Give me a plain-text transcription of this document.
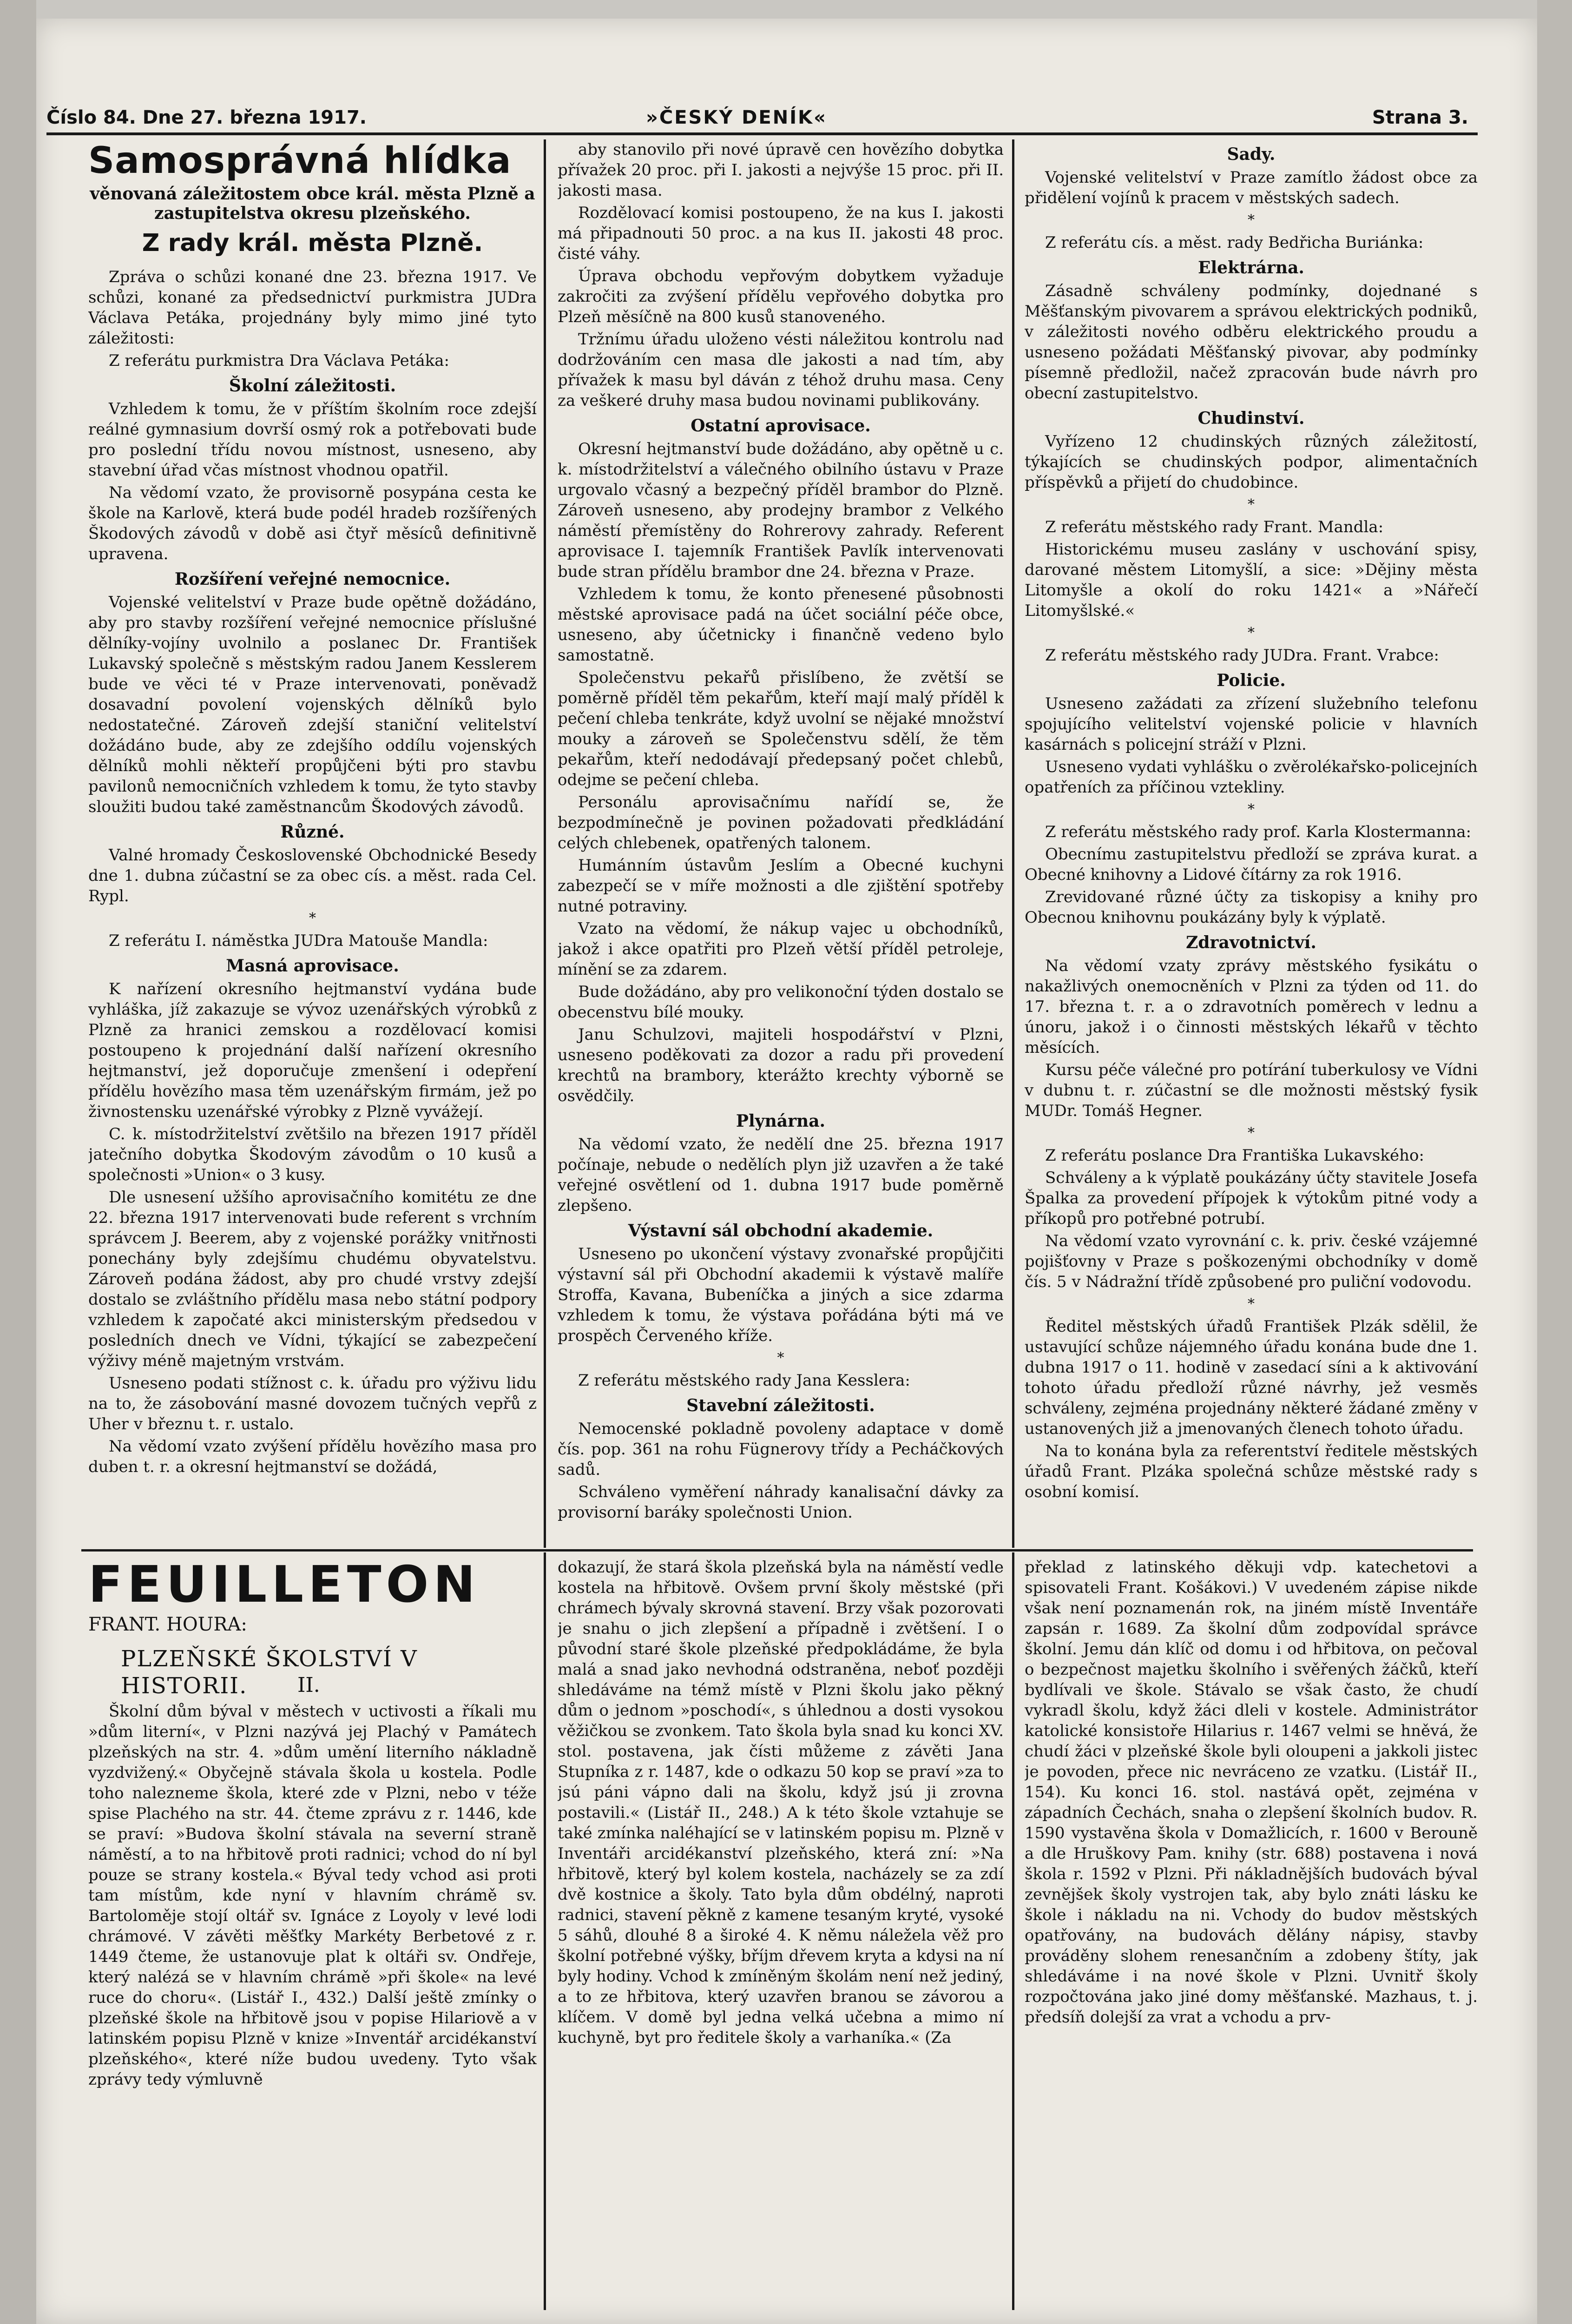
Číslo 84. Dne 27. března 1917.	»ČESKÝ DENÍK«	Strana 3.
Samosprávná hlídka
věnovaná záležitostem obce král. města Plzně a zastupitelstva okresu plzeňského.
Z rady král. města Plzně.

Zpráva o schůzi konané dne 23. března 1917. Ve schůzi, konané za předsednictví purkmistra JUDra Václava Petáka, projednány byly mimo jiné tyto záležitosti:

Z referátu purkmistra Dra Václava Petáka:

Školní záležitosti.

Vzhledem k tomu, že v příštím školním roce zdejší reálné gymnasium dovrší osmý rok a potřebovati bude pro poslední třídu novou místnost, usneseno, aby stavební úřad včas místnost vhodnou opatřil.

Na vědomí vzato, že provisorně posypána cesta ke škole na Karlově, která bude podél hradeb rozšířených Škodových závodů v době asi čtyř měsíců definitivně upravena.

Rozšíření veřejné nemocnice.

Vojenské velitelství v Praze bude opětně dožádáno, aby pro stavby rozšíření veřejné nemocnice příslušné dělníky-vojíny uvolnilo a poslanec Dr. František Lukavský společně s městským radou Janem Kesslerem bude ve věci té v Praze intervenovati, poněvadž dosavadní povolení vojenských dělníků bylo nedostatečné. Zároveň zdejší staniční velitelství dožádáno bude, aby ze zdejšího oddílu vojenských dělníků mohli někteří propůjčeni býti pro stavbu pavilonů nemocničních vzhledem k tomu, že tyto stavby sloužiti budou také zaměstnancům Škodových závodů.

Různé.

Valné hromady Československé Obchodnické Besedy dne 1. dubna zúčastní se za obec cís. a měst. rada Cel. Rypl.

*

Z referátu I. náměstka JUDra Matouše Mandla:

Masná aprovisace.

K nařízení okresního hejtmanství vydána bude vyhláška, jíž zakazuje se vývoz uzenářských výrobků z Plzně za hranici zemskou a rozdělovací komisi postoupeno k projednání další nařízení okresního hejtmanství, jež doporučuje zmenšení i odepření přídělu hovězího masa těm uzenářským firmám, jež po živnostensku uzenářské výrobky z Plzně vyvážejí.

C. k. místodržitelství zvětšilo na březen 1917 příděl jatečního dobytka Škodovým závodům o 10 kusů a společnosti »Union« o 3 kusy.

Dle usnesení užšího aprovisačního komitétu ze dne 22. března 1917 intervenovati bude referent s vrchním správcem J. Beerem, aby z vojenské porážky vnitřnosti ponechány byly zdejšímu chudému obyvatelstvu. Zároveň podána žádost, aby pro chudé vrstvy zdejší dostalo se zvláštního přídělu masa nebo státní podpory vzhledem k započaté akci ministerským předsedou v posledních dnech ve Vídni, týkající se zabezpečení výživy méně majetným vrstvám.

Usneseno podati stížnost c. k. úřadu pro výživu lidu na to, že zásobování masné dovozem tučných vepřů z Uher v březnu t. r. ustalo.

Na vědomí vzato zvýšení přídělu hovězího masa pro duben t. r. a okresní hejtmanství se dožádá,

aby stanovilo při nové úpravě cen hovězího dobytka přívažek 20 proc. při I. jakosti a nejvýše 15 proc. při II. jakosti masa.

Rozdělovací komisi postoupeno, že na kus I. jakosti má připadnouti 50 proc. a na kus II. jakosti 48 proc. čisté váhy.

Úprava obchodu vepřovým dobytkem vyžaduje zakročiti za zvýšení přídělu vepřového dobytka pro Plzeň měsíčně na 800 kusů stanoveného.

Tržnímu úřadu uloženo vésti náležitou kontrolu nad dodržováním cen masa dle jakosti a nad tím, aby přívažek k masu byl dáván z téhož druhu masa. Ceny za veškeré druhy masa budou novinami publikovány.

Ostatní aprovisace.

Okresní hejtmanství bude dožádáno, aby opětně u c. k. místodržitelství a válečného obilního ústavu v Praze urgovalo včasný a bezpečný příděl brambor do Plzně. Zároveň usneseno, aby prodejny brambor z Velkého náměstí přemístěny do Rohrerovy zahrady. Referent aprovisace I. tajemník František Pavlík intervenovati bude stran přídělu brambor dne 24. března v Praze.

Vzhledem k tomu, že konto přenesené působnosti městské aprovisace padá na účet sociální péče obce, usneseno, aby účetnicky i finančně vedeno bylo samostatně.

Společenstvu pekařů přislíbeno, že zvětší se poměrně příděl těm pekařům, kteří mají malý příděl k pečení chleba tenkráte, když uvolní se nějaké množství mouky a zároveň se Společenstvu sdělí, že těm pekařům, kteří nedodávají předepsaný počet chlebů, odejme se pečení chleba.

Personálu aprovisačnímu nařídí se, že bezpodmínečně je povinen požadovati předkládání celých chlebenek, opatřených talonem.

Humánním ústavům Jeslím a Obecné kuchyni zabezpečí se v míře možnosti a dle zjištění spotřeby nutné potraviny.

Vzato na vědomí, že nákup vajec u obchodníků, jakož i akce opatřiti pro Plzeň větší příděl petroleje, mínění se za zdarem.

Bude dožádáno, aby pro velikonoční týden dostalo se obecenstvu bílé mouky.

Janu Schulzovi, majiteli hospodářství v Plzni, usneseno poděkovati za dozor a radu při provedení krechtů na brambory, kterážto krechty výborně se osvědčily.

Plynárna.

Na vědomí vzato, že nedělí dne 25. března 1917 počínaje, nebude o nedělích plyn již uzavřen a že také veřejné osvětlení od 1. dubna 1917 bude poměrně zlepšeno.

Výstavní sál obchodní akademie.

Usneseno po ukončení výstavy zvonařské propůjčiti výstavní sál při Obchodní akademii k výstavě malíře Stroffa, Kavana, Bubeníčka a jiných a sice zdarma vzhledem k tomu, že výstava pořádána býti má ve prospěch Červeného kříže.

*

Z referátu městského rady Jana Kesslera:

Stavební záležitosti.

Nemocenské pokladně povoleny adaptace v domě čís. pop. 361 na rohu Fügnerovy třídy a Pecháčkových sadů.

Schváleno vyměření náhrady kanalisační dávky za provisorní baráky společnosti Union.

Sady.

Vojenské velitelství v Praze zamítlo žádost obce za přidělení vojínů k pracem v městských sadech.

*

Z referátu cís. a měst. rady Bedřicha Buriánka:

Elektrárna.

Zásadně schváleny podmínky, dojednané s Měšťanským pivovarem a správou elektrických podniků, v záležitosti nového odběru elektrického proudu a usneseno požádati Měšťanský pivovar, aby podmínky písemně předložil, načež zpracován bude návrh pro obecní zastupitelstvo.

Chudinství.

Vyřízeno 12 chudinských různých záležitostí, týkajících se chudinských podpor, alimentačních příspěvků a přijetí do chudobince.

*

Z referátu městského rady Frant. Mandla:

Historickému museu zaslány v uschování spisy, darované městem Litomyšlí, a sice: »Dějiny města Litomyšle a okolí do roku 1421« a »Nářečí Litomyšlské.«

*

Z referátu městského rady JUDra. Frant. Vrabce:

Policie.

Usneseno zažádati za zřízení služebního telefonu spojujícího velitelství vojenské policie v hlavních kasárnách s policejní stráží v Plzni.

Usneseno vydati vyhlášku o zvěrolékařsko-policejních opatřeních za příčinou vztekliny.

*

Z referátu městského rady prof. Karla Klostermanna:

Obecnímu zastupitelstvu předloží se zpráva kurat. a Obecné knihovny a Lidové čítárny za rok 1916.

Zrevidované různé účty za tiskopisy a knihy pro Obecnou knihovnu poukázány byly k výplatě.

Zdravotnictví.

Na vědomí vzaty zprávy městského fysikátu o nakažlivých onemocněních v Plzni za týden od 11. do 17. března t. r. a o zdravotních poměrech v lednu a únoru, jakož i o činnosti městských lékařů v těchto měsících.

Kursu péče válečné pro potírání tuberkulosy ve Vídni v dubnu t. r. zúčastní se dle možnosti městský fysik MUDr. Tomáš Hegner.

*

Z referátu poslance Dra Františka Lukavského:

Schváleny a k výplatě poukázány účty stavitele Josefa Špalka za provedení přípojek k výtokům pitné vody a příkopů pro potřebné potrubí.

Na vědomí vzato vyrovnání c. k. priv. české vzájemné pojišťovny v Praze s poškozenými obchodníky v domě čís. 5 v Nádražní třídě způsobené pro puliční vodovodu.

*

Ředitel městských úřadů František Plzák sdělil, že ustavující schůze nájemného úřadu konána bude dne 1. dubna 1917 o 11. hodině v zasedací síni a k aktivování tohoto úřadu předloží různé návrhy, jež vesměs schváleny, zejména projednány některé žádané změny v ustanovených již a jmenovaných členech tohoto úřadu.

Na to konána byla za referentství ředitele městských úřadů Frant. Plzáka společná schůze městské rady s osobní komisí.

FEUILLETON
FRANT. HOURA:
PLZEŇSKÉ ŠKOLSTVÍ V HISTORII.	II.

Školní dům býval v městech v uctivosti a říkali mu »dům literní«, v Plzni nazývá jej Plachý v Památech plzeňských na str. 4. »dům umění literního nákladně vyzdvižený.« Obyčejně stávala škola u kostela. Podle toho nalezneme škola, které zde v Plzni, nebo v téže spise Plachého na str. 44. čteme zprávu z r. 1446, kde se praví: »Budova školní stávala na severní straně náměstí, a to na hřbitově proti radnici; vchod do ní byl pouze se strany kostela.« Býval tedy vchod asi proti tam místům, kde nyní v hlavním chrámě sv. Bartoloměje stojí oltář sv. Ignáce z Loyoly v levé lodi chrámové. V závěti měšťky Markéty Berbetové z r. 1449 čteme, že ustanovuje plat k oltáři sv. Ondřeje, který nalézá se v hlavním chrámě »při škole« na levé ruce do choru«. (Listář I., 432.) Další ještě zmínky o plzeňské škole na hřbitově jsou v popise Hilariově a v latinském popisu Plzně v knize »Inventář arcidékanství plzeňského«, které níže budou uvedeny. Tyto však zprávy tedy výmluvně

dokazují, že stará škola plzeňská byla na náměstí vedle kostela na hřbitově. Ovšem první školy městské (při chrámech bývaly skrovná stavení. Brzy však pozorovati je snahu o jich zlepšení a případně i zvětšení. I o původní staré škole plzeňské předpokládáme, že byla malá a snad jako nevhodná odstraněna, neboť později shledáváme na témž místě v Plzni školu jako pěkný dům o jednom »poschodí«, s úhlednou a dosti vysokou věžičkou se zvonkem. Tato škola byla snad ku konci XV. stol. postavena, jak čísti můžeme z závěti Jana Stupníka z r. 1487, kde o odkazu 50 kop se praví »za to jsú páni vápno dali na školu, když jsú ji zrovna postavili.« (Listář II., 248.) A k této škole vztahuje se také zmínka naléhající se v latinském popisu m. Plzně v Inventáři arcidékanství plzeňského, která zní: »Na hřbitově, který byl kolem kostela, nacházely se za zdí dvě kostnice a školy. Tato byla dům obdélný, naproti radnici, stavení pěkně z kamene tesaným kryté, vysoké 5 sáhů, dlouhé 8 a široké 4. K němu náležela věž pro školní potřebné výšky, bříjm dřevem kryta a kdysi na ní byly hodiny. Vchod k zmíněným školám není než jediný, a to ze hřbitova, který uzavřen branou se závorou a klíčem. V domě byl jedna velká učebna a mimo ní kuchyně, byt pro ředitele školy a varhaníka.« (Za

překlad z latinského děkuji vdp. katechetovi a spisovateli Frant. Košákovi.) V uvedeném zápise nikde však není poznamenán rok, na jiném místě Inventáře zapsán r. 1689. Za školní dům zodpovídal správce školní. Jemu dán klíč od domu i od hřbitova, on pečoval o bezpečnost majetku školního i svěřených žáčků, kteří bydlívali ve škole. Stávalo se však často, že chudí vykradl školu, když žáci dleli v kostele. Administrátor katolické konsistoře Hilarius r. 1467 velmi se hněvá, že chudí žáci v plzeňské škole byli oloupeni a jakkoli jistec je povoden, přece nic nevráceno ze vzatku. (Listář II., 154). Ku konci 16. stol. nastává opět, zejména v západních Čechách, snaha o zlepšení školních budov. R. 1590 vystavěna škola v Domažlicích, r. 1600 v Berouně a dle Hruškovy Pam. knihy (str. 688) postavena i nová škola r. 1592 v Plzni. Při nákladnějších budovách býval zevnějšek školy vystrojen tak, aby bylo znáti lásku ke škole i nákladu na ni. Vchody do budov městských opatřovány, na budovách dělány nápisy, stavby prováděny slohem renesančním a zdobeny štíty, jak shledáváme i na nové škole v Plzni. Uvnitř školy rozpočtována jako jiné domy měšťanské. Mazhaus, t. j. předsíň dolejší za vrat a vchodu a prv-
